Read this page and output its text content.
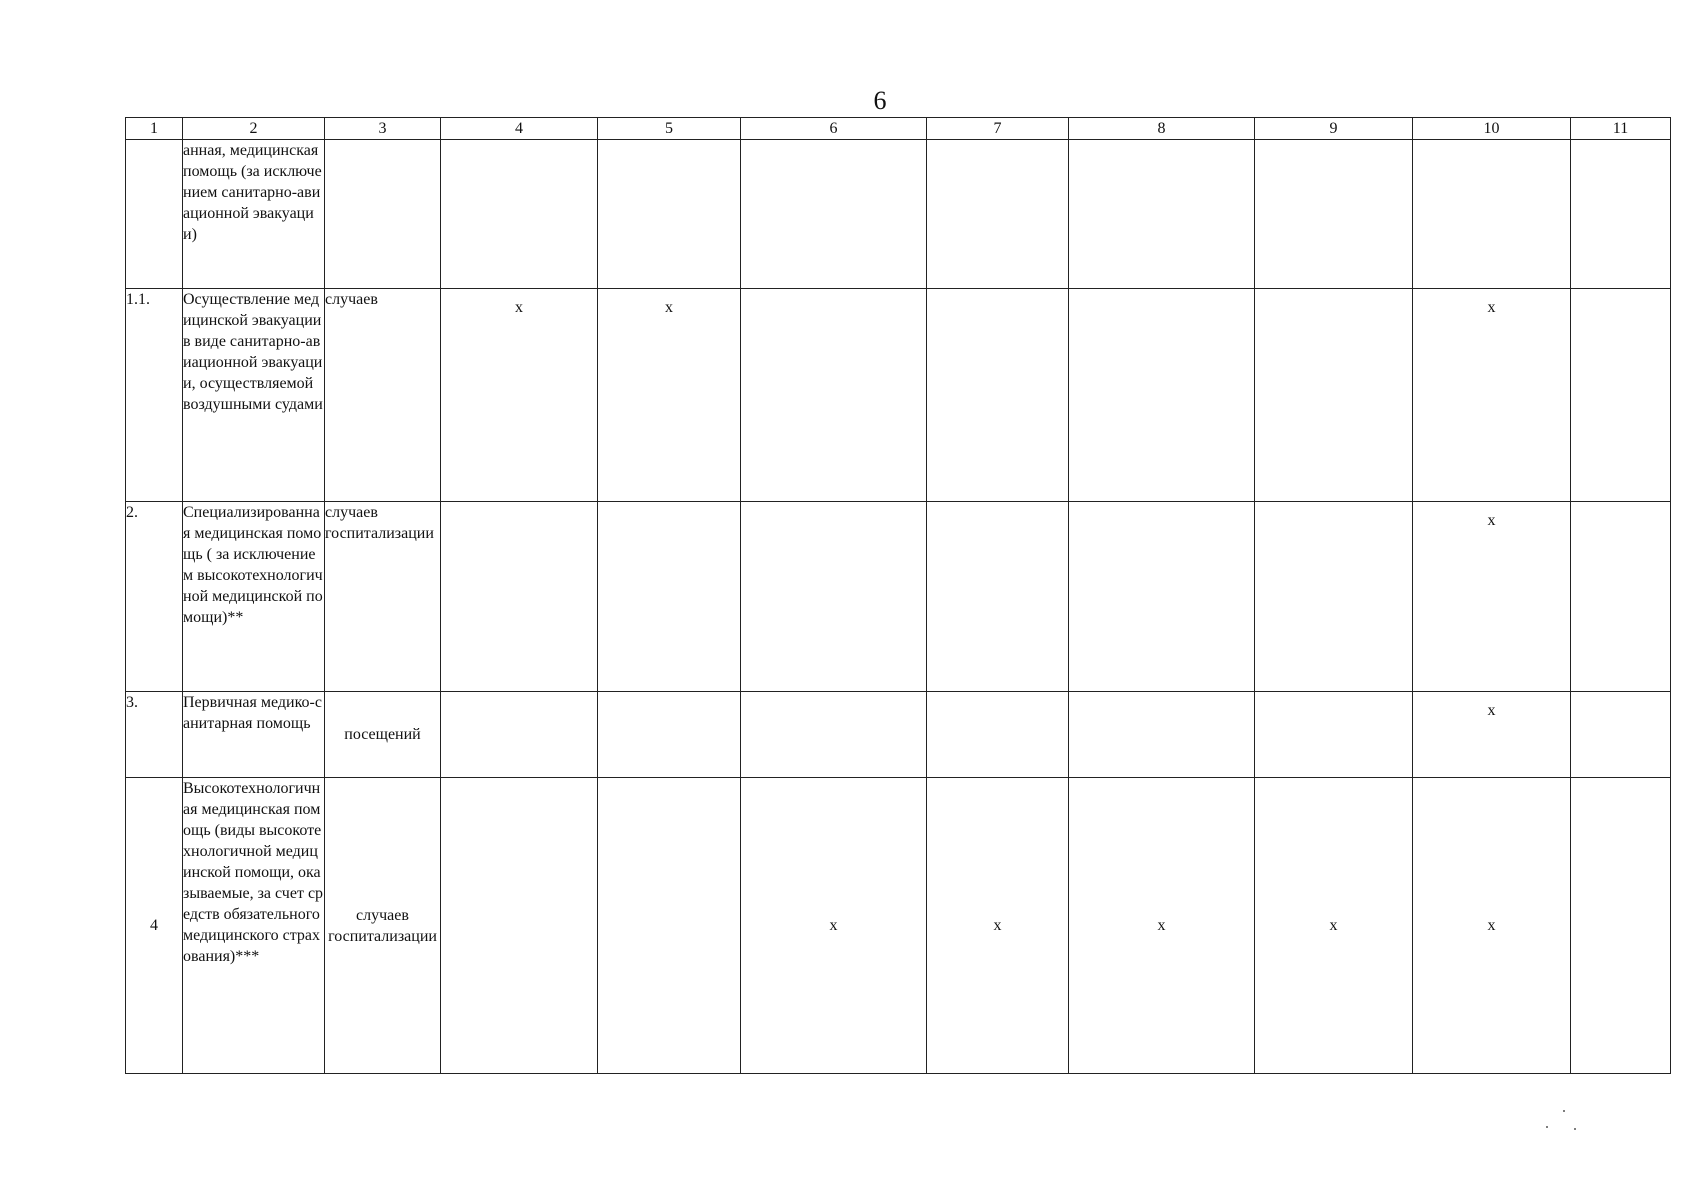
6
1	2	3	4	5	6	7	8	9	10	11
	анная, медицинская помощь (за исключением санитарно-авиационной эвакуации)									
1.1.	Осуществление медицинской эвакуации в виде санитарно-авиационной эвакуации, осуществляемой воздушными судами	случаев	x	x					x	
2.	Специализированная медицинская помощь ( за исключением высокотехнологичной медицинской помощи)**	случаев госпитализации							x	
3.	Первичная медико-санитарная помощь	посещений							x	
4	Высокотехнологичная медицинская помощь (виды высокотехнологичной медицинской помощи, оказываемые, за счет средств обязательного медицинского страхования)***	случаев госпитализации			x	x	x	x	x	
